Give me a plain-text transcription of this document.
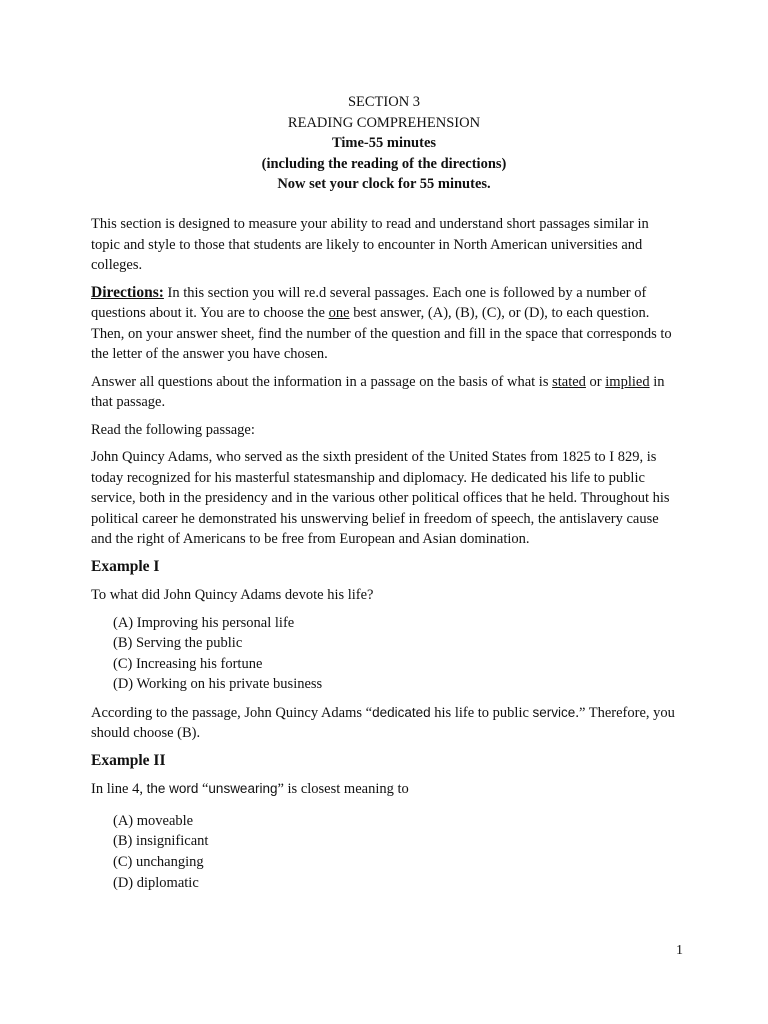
SECTION 3
READING COMPREHENSION
Time-55 minutes
(including the reading of the directions)
Now set your clock for 55 minutes.

This section is designed to measure your ability to read and understand short passages similar in topic and style to those that students are likely to encounter in North American universities and colleges.

Directions: In this section you will re.d several passages. Each one is followed by a number of questions about it. You are to choose the one best answer, (A), (B), (C), or (D), to each question. Then, on your answer sheet, find the number of the question and fill in the space that corresponds to the letter of the answer you have chosen.

Answer all questions about the information in a passage on the basis of what is stated or implied in that passage.

Read the following passage:

John Quincy Adams, who served as the sixth president of the United States from 1825 to I 829, is today recognized for his masterful statesmanship and diplomacy. He dedicated his life to public service, both in the presidency and in the various other political offices that he held. Throughout his political career he demonstrated his unswerving belief in freedom of speech, the antislavery cause and the right of Americans to be free from European and Asian domination.

Example I

To what did John Quincy Adams devote his life?

(A) Improving his personal life
(B) Serving the public
(C) Increasing his fortune
(D) Working on his private business

According to the passage, John Quincy Adams “dedicated his life to public service.” Therefore, you should choose (B).

Example II

In line 4, the word “unswearing” is closest meaning to

(A) moveable
(B) insignificant
(C) unchanging
(D) diplomatic
1
